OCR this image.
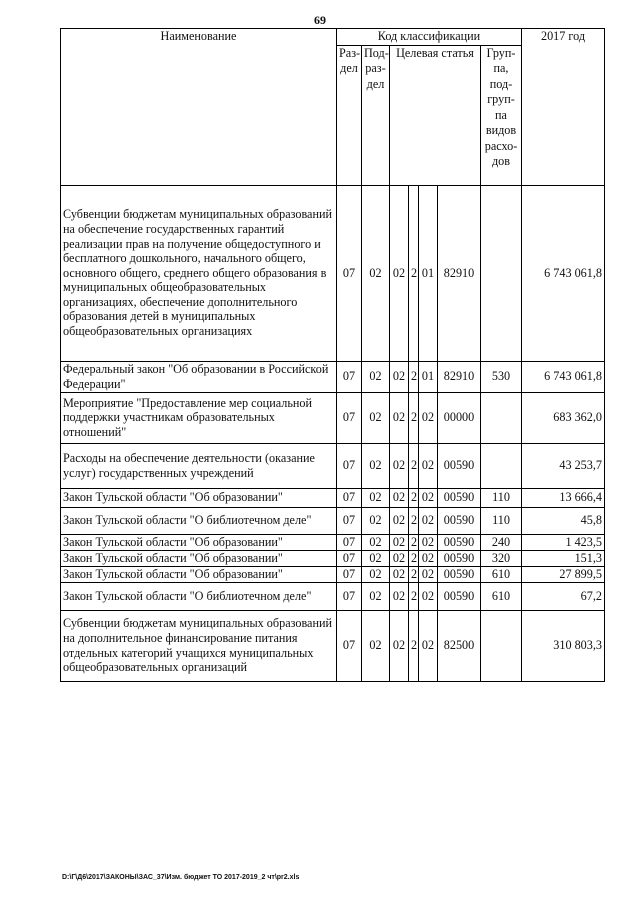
69
Наименование	Код классификации							2017 год
	Раз- дел	Под- раз- дел	Целевая статья				Груп- па, под- груп- па видов расхо- дов	
Субвенции бюджетам муниципальных образований на обеспечение государственных гарантий реализации прав на получение общедоступного и бесплатного дошкольного, начального общего, основного общего, среднего общего образования в муниципальных общеобразовательных организациях, обеспечение дополнительного образования детей в муниципальных общеобразовательных организациях	07	02	02	2	01	82910		6 743 061,8
Федеральный закон "Об образовании в Российской Федерации"	07	02	02	2	01	82910	530	6 743 061,8
Мероприятие "Предоставление мер социальной поддержки участникам образовательных отношений"	07	02	02	2	02	00000		683 362,0
Расходы на обеспечение деятельности (оказание услуг) государственных учреждений	07	02	02	2	02	00590		43 253,7
Закон Тульской области "Об образовании"	07	02	02	2	02	00590	110	13 666,4
Закон Тульской области "О библиотечном деле"	07	02	02	2	02	00590	110	45,8
Закон Тульской области "Об образовании"	07	02	02	2	02	00590	240	1 423,5
Закон Тульской области "Об образовании"	07	02	02	2	02	00590	320	151,3
Закон Тульской области "Об образовании"	07	02	02	2	02	00590	610	27 899,5
Закон Тульской области "О библиотечном деле"	07	02	02	2	02	00590	610	67,2
Субвенции бюджетам муниципальных образований на дополнительное финансирование питания отдельных категорий учащихся муниципальных общеобразовательных организаций	07	02	02	2	02	82500		310 803,3
D:\Г\Д6\2017\ЗАКОНЫ\ЗАС_37\Изм. бюджет ТО 2017-2019_2 чт\pr2.xls
